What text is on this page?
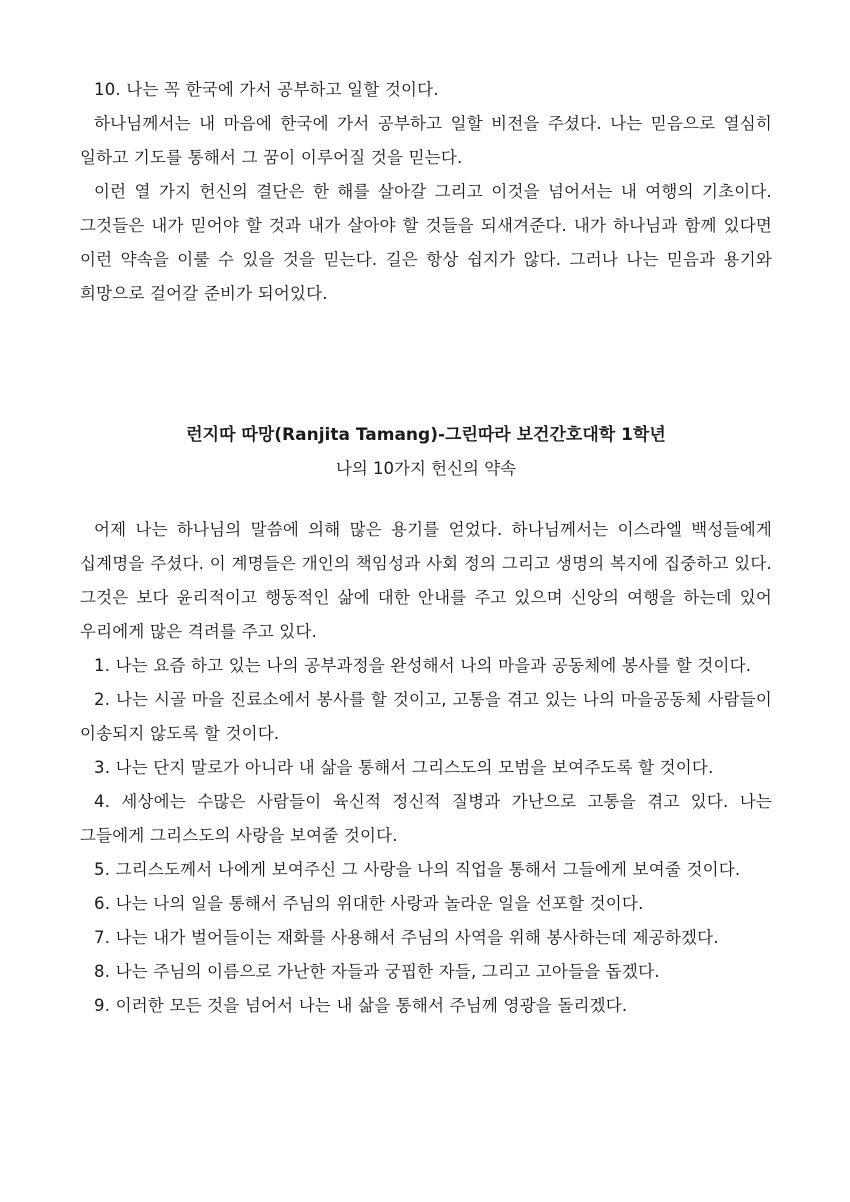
10. 나는 꼭 한국에 가서 공부하고 일할 것이다.

하나님께서는 내 마음에 한국에 가서 공부하고 일할 비전을 주셨다. 나는 믿음으로 열심히 일하고 기도를 통해서 그 꿈이 이루어질 것을 믿는다.

이런 열 가지 헌신의 결단은 한 해를 살아갈 그리고 이것을 넘어서는 내 여행의 기초이다. 그것들은 내가 믿어야 할 것과 내가 살아야 할 것들을 되새겨준다. 내가 하나님과 함께 있다면 이런 약속을 이룰 수 있을 것을 믿는다. 길은 항상 쉽지가 않다. 그러나 나는 믿음과 용기와 희망으로 걸어갈 준비가 되어있다.

런지따 따망(Ranjita Tamang)-그린따라 보건간호대학 1학년

나의 10가지 헌신의 약속

어제 나는 하나님의 말씀에 의해 많은 용기를 얻었다. 하나님께서는 이스라엘 백성들에게 십계명을 주셨다. 이 계명들은 개인의 책임성과 사회 정의 그리고 생명의 복지에 집중하고 있다. 그것은 보다 윤리적이고 행동적인 삶에 대한 안내를 주고 있으며 신앙의 여행을 하는데 있어 우리에게 많은 격려를 주고 있다.

1. 나는 요즘 하고 있는 나의 공부과정을 완성해서 나의 마을과 공동체에 봉사를 할 것이다.

2. 나는 시골 마을 진료소에서 봉사를 할 것이고, 고통을 겪고 있는 나의 마을공동체 사람들이 이송되지 않도록 할 것이다.

3. 나는 단지 말로가 아니라 내 삶을 통해서 그리스도의 모범을 보여주도록 할 것이다.

4. 세상에는 수많은 사람들이 육신적 정신적 질병과 가난으로 고통을 겪고 있다. 나는 그들에게 그리스도의 사랑을 보여줄 것이다.

5. 그리스도께서 나에게 보여주신 그 사랑을 나의 직업을 통해서 그들에게 보여줄 것이다.

6. 나는 나의 일을 통해서 주님의 위대한 사랑과 놀라운 일을 선포할 것이다.

7. 나는 내가 벌어들이는 재화를 사용해서 주님의 사역을 위해 봉사하는데 제공하겠다.

8. 나는 주님의 이름으로 가난한 자들과 궁핍한 자들, 그리고 고아들을 돕겠다.

9. 이러한 모든 것을 넘어서 나는 내 삶을 통해서 주님께 영광을 돌리겠다.
